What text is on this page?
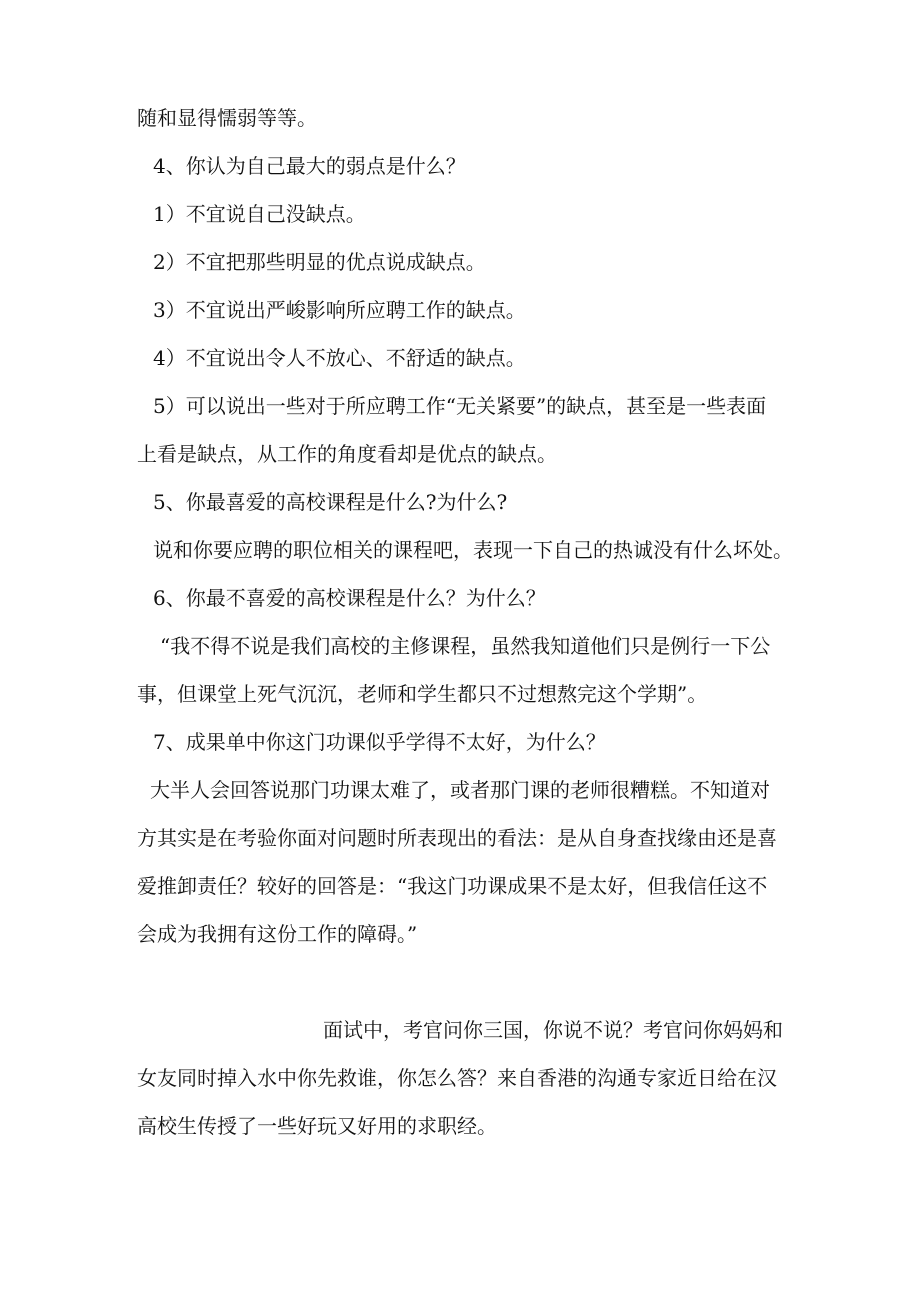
随和显得懦弱等等。
4、你认为自己最大的弱点是什么？
1）不宜说自己没缺点。
2）不宜把那些明显的优点说成缺点。
3）不宜说出严峻影响所应聘工作的缺点。
4）不宜说出令人不放心、不舒适的缺点。
5）可以说出一些对于所应聘工作“无关紧要”的缺点，甚至是一些表面
上看是缺点，从工作的角度看却是优点的缺点。
5、你最喜爱的高校课程是什么?为什么?
说和你要应聘的职位相关的课程吧，表现一下自己的热诚没有什么坏处。
6、你最不喜爱的高校课程是什么？为什么？
“我不得不说是我们高校的主修课程，虽然我知道他们只是例行一下公
事，但课堂上死气沉沉，老师和学生都只不过想熬完这个学期”。
7、成果单中你这门功课似乎学得不太好，为什么？
大半人会回答说那门功课太难了，或者那门课的老师很糟糕。不知道对
方其实是在考验你面对问题时所表现出的看法：是从自身查找缘由还是喜
爱推卸责任？较好的回答是：“我这门功课成果不是太好，但我信任这不
会成为我拥有这份工作的障碍。”
面试中，考官问你三国，你说不说？考官问你妈妈和
女友同时掉入水中你先救谁，你怎么答？来自香港的沟通专家近日给在汉
高校生传授了一些好玩又好用的求职经。
